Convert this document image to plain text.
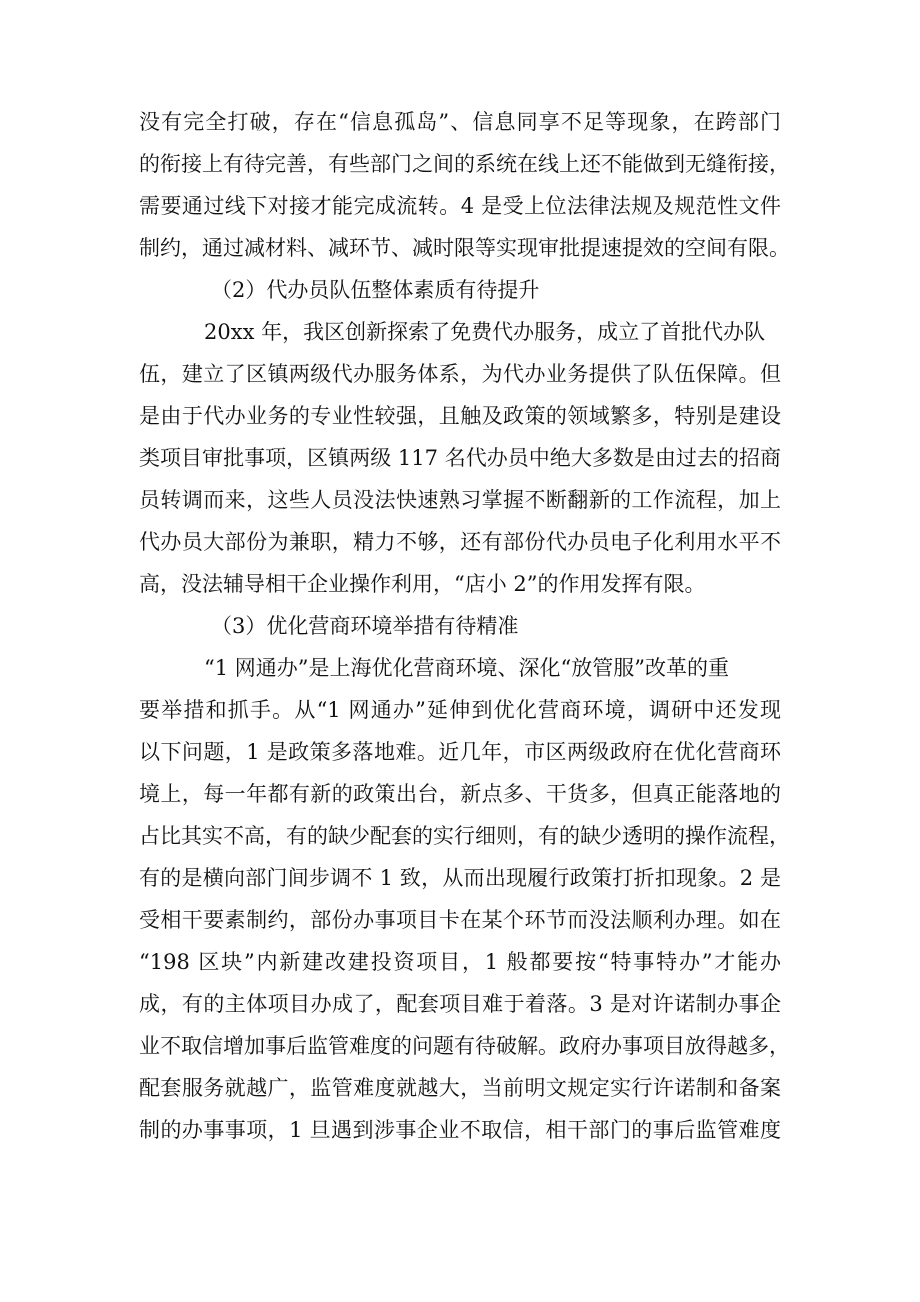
没有完全打破，存在“信息孤岛”、信息同享不足等现象，在跨部门
的衔接上有待完善，有些部门之间的系统在线上还不能做到无缝衔接，
需要通过线下对接才能完成流转。4 是受上位法律法规及规范性文件
制约，通过减材料、减环节、减时限等实现审批提速提效的空间有限。
（2）代办员队伍整体素质有待提升
20xx 年，我区创新探索了免费代办服务，成立了首批代办队
伍，建立了区镇两级代办服务体系，为代办业务提供了队伍保障。但
是由于代办业务的专业性较强，且触及政策的领域繁多，特别是建设
类项目审批事项，区镇两级 117 名代办员中绝大多数是由过去的招商
员转调而来，这些人员没法快速熟习掌握不断翻新的工作流程，加上
代办员大部份为兼职，精力不够，还有部份代办员电子化利用水平不
高，没法辅导相干企业操作利用，“店小 2”的作用发挥有限。
（3）优化营商环境举措有待精准
“1 网通办”是上海优化营商环境、深化“放管服”改革的重
要举措和抓手。从“1 网通办”延伸到优化营商环境，调研中还发现
以下问题，1 是政策多落地难。近几年，市区两级政府在优化营商环
境上，每一年都有新的政策出台，新点多、干货多，但真正能落地的
占比其实不高，有的缺少配套的实行细则，有的缺少透明的操作流程，
有的是横向部门间步调不 1 致，从而出现履行政策打折扣现象。2 是
受相干要素制约，部份办事项目卡在某个环节而没法顺利办理。如在
“198 区块”内新建改建投资项目，1 般都要按“特事特办”才能办
成，有的主体项目办成了，配套项目难于着落。3 是对许诺制办事企
业不取信增加事后监管难度的问题有待破解。政府办事项目放得越多，
配套服务就越广，监管难度就越大，当前明文规定实行许诺制和备案
制的办事事项，1 旦遇到涉事企业不取信，相干部门的事后监管难度
